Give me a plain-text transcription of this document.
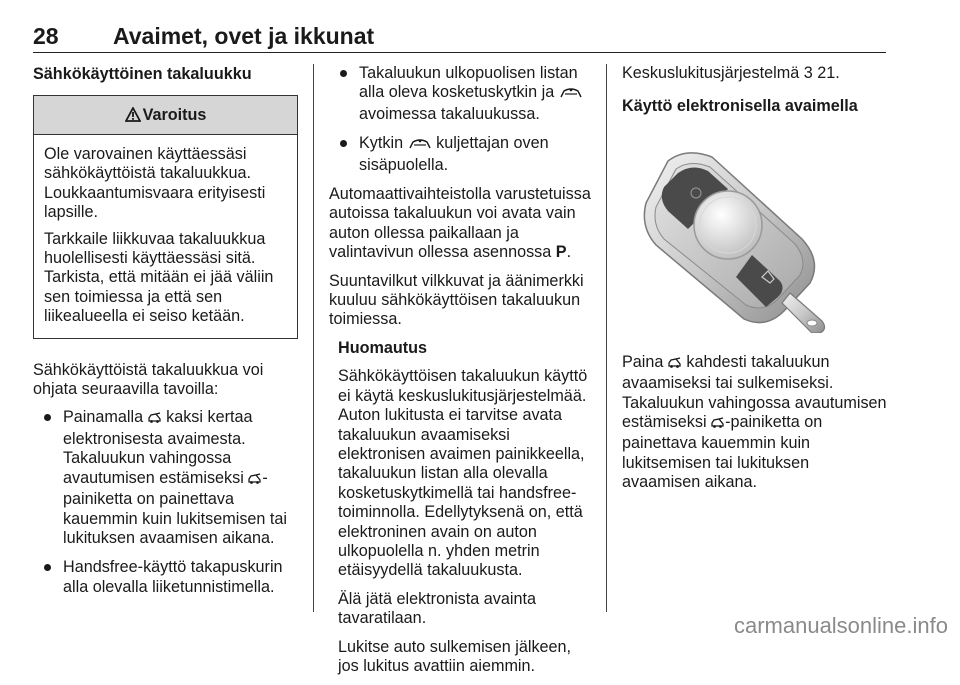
28 Avaimet, ovet ja ikkunat
Sähkökäyttöinen takaluukku
Varoitus

Ole varovainen käyttäessäsi sähkökäyttöistä takaluukkua. Loukkaantumisvaara erityisesti lapsille.

Tarkkaile liikkuvaa takaluukkua huolellisesti käyttäessäsi sitä. Tarkista, että mitään ei jää väliin sen toimiessa ja että sen liikealueella ei seiso ketään.

Sähkökäyttöistä takaluukkua voi ohjata seuraavilla tavoilla:

Painamalla kaksi kertaa elektronisesta avaimesta. Takaluukun vahingossa avautumisen estämiseksi -painiketta on painettava kauemmin kuin lukitsemisen tai lukituksen avaamisen aikana.
Handsfree-käyttö takapuskurin alla olevalla liiketunnistimella.
Takaluukun ulkopuolisen listan alla oleva kosketuskytkin ja  avoimessa takaluukussa.
Kytkin kuljettajan oven sisäpuolella.

Automaattivaihteistolla varustetuissa autoissa takaluukun voi avata vain auton ollessa paikallaan ja valintavivun ollessa asennossa P.

Suuntavilkut vilkkuvat ja äänimerkki kuuluu sähkökäyttöisen takaluukun toimiessa.

Huomautus

Sähkökäyttöisen takaluukun käyttö ei käytä keskuslukitusjärjestelmää. Auton lukitusta ei tarvitse avata takaluukun avaamiseksi elektronisen avaimen painikkeella, takaluukun listan alla olevalla kosketuskytkimellä tai handsfree-toiminnolla. Edellytyksenä on, että elektroninen avain on auton ulkopuolella n. yhden metrin etäisyydellä takaluukusta.

Älä jätä elektronista avainta tavaratilaan.

Lukitse auto sulkemisen jälkeen, jos lukitus avattiin aiemmin.

Keskuslukitusjärjestelmä 3 21.

Käyttö elektronisella avaimella

Paina kahdesti takaluukun avaamiseksi tai sulkemiseksi. Takaluukun vahingossa avautumisen estämiseksi -painiketta on painettava kauemmin kuin lukitsemisen tai lukituksen avaamisen aikana.

carmanualsonline.info
